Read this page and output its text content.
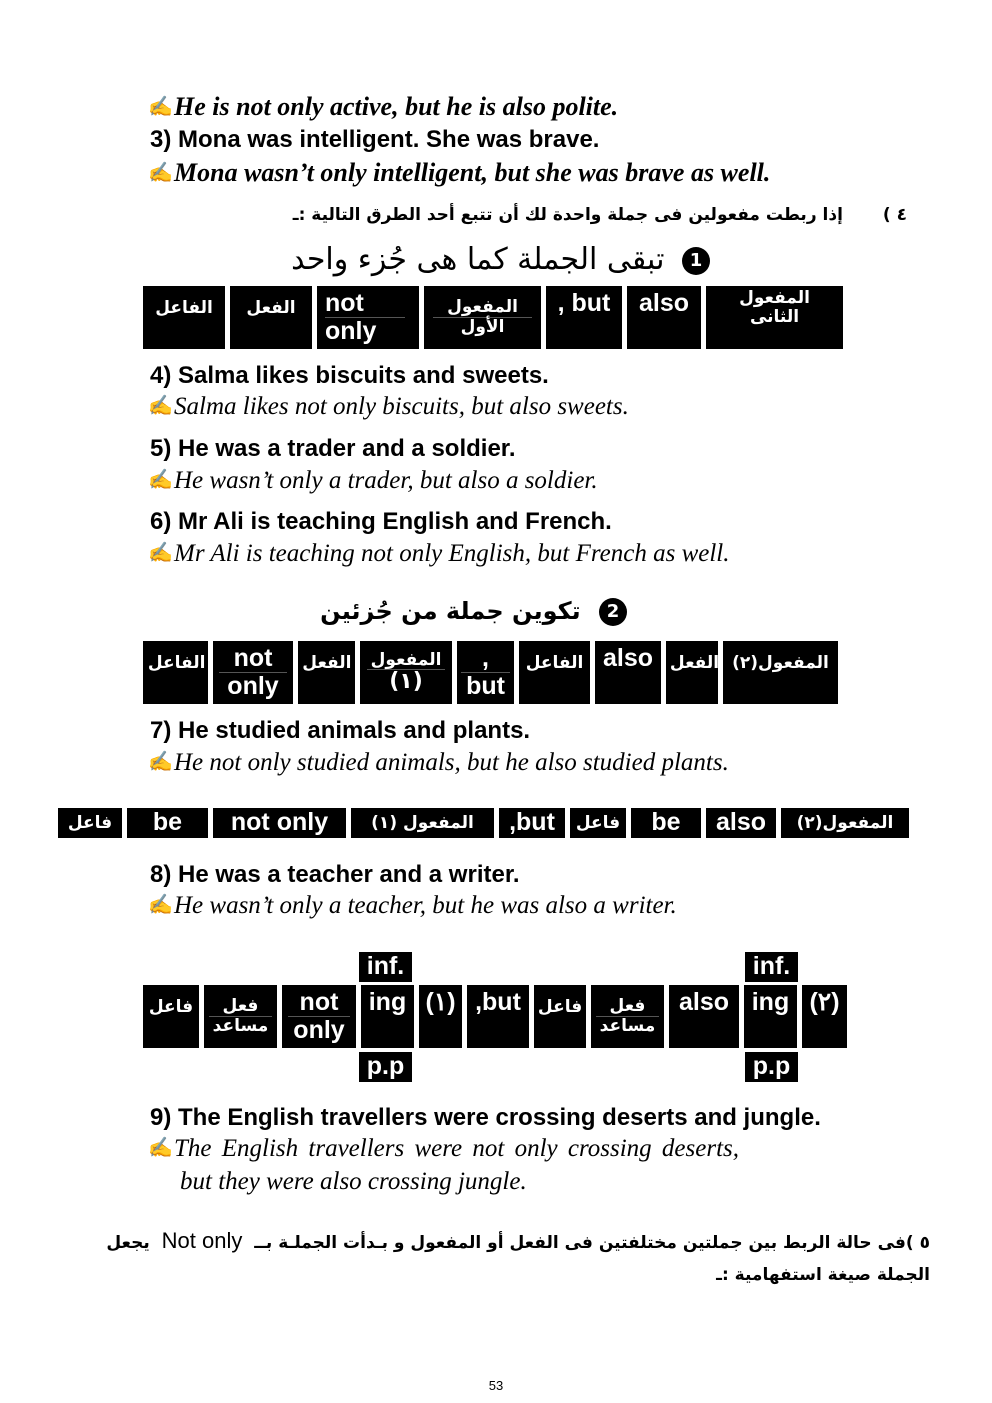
✍He is not only active, but he is also polite.
3) Mona was intelligent. She was brave.
✍Mona wasn’t only intelligent, but she was brave as well.
٤ )إذا ربطت مفعولين فى جملة واحدة لك أن تتبع أحد الطرق التالية :ـ
1 تبقى الجملة كما هى جُزء واحد
الفاعل	الفعل	not
only
المفعول
الأول
, but also	المفعول الثانى
4) Salma likes biscuits and sweets.
✍Salma likes not only biscuits, but also sweets.
5) He was a trader and a soldier.
✍He wasn’t only a trader, but also a soldier.
6) Mr Ali is teaching English and French.
✍Mr Ali is teaching not only English, but French as well.
2 تكوين جملة من جُزئين
الفاعل	not
only
الفعل المفعول
(١)
,
but
الفاعل also الفعل المفعول(٢)
7) He studied animals and plants.
✍He not only studied animals, but he also studied plants.
فاعل be not only	المفعول (١) ,but فاعل be also المفعول(٢)
8) He was a teacher and a writer.
✍He wasn’t only a teacher, but he was also a writer.
inf.	inf.
فاعل	فعل
مساعد
not
only
ing (١) ,but فاعل	فعل
مساعد
also ing (٢)
p.p	p.p
9) The English travellers were crossing deserts and jungle.
✍The English travellers were not only crossing deserts,
but they were also crossing jungle.
٥ )فى حالة الربط بين جملتين مختلفتين فى الفعل أو المفعول و بـدأت الجملـة بــ Not only يجعل
الجملة صيغة استفهامية :ـ
53
